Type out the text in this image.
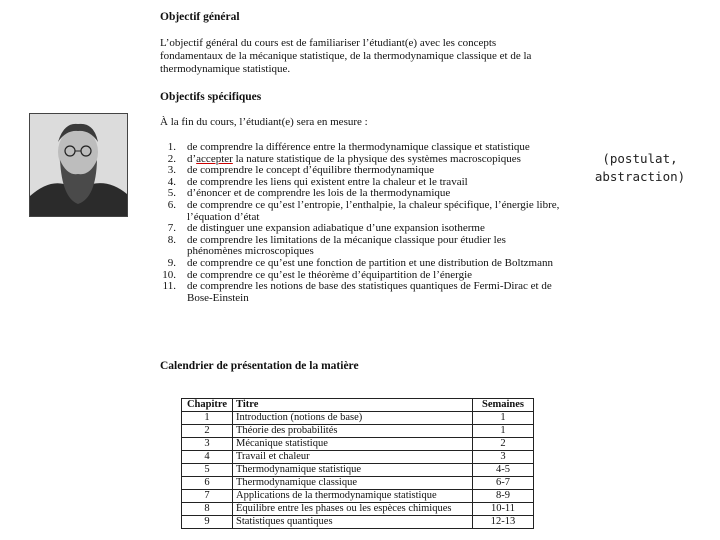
Objectif général
L’objectif général du cours est de familiariser l’étudiant(e) avec les concepts fondamentaux de la mécanique statistique, de la thermodynamique classique et de la thermodynamique statistique.
Objectifs spécifiques
À la fin du cours, l’étudiant(e) sera en mesure :
1. de comprendre la différence entre la thermodynamique classique et statistique
2. d’accepter la nature statistique de la physique des systèmes macroscopiques
3. de comprendre le concept d’équilibre thermodynamique
4. de comprendre les liens qui existent entre la chaleur et le travail
5. d’énoncer et de comprendre les lois de la thermodynamique
6. de comprendre ce qu’est l’entropie, l’enthalpie, la chaleur spécifique, l’énergie libre, l’équation d’état
7. de distinguer une expansion adiabatique d’une expansion isotherme
8. de comprendre les limitations de la mécanique classique pour étudier les phénomènes microscopiques
9. de comprendre ce qu’est une fonction de partition et une distribution de Boltzmann
10. de comprendre ce qu’est le théorème d’équipartition de l’énergie
11. de comprendre les notions de base des statistiques quantiques de Fermi-Dirac et de Bose-Einstein
(postulat,
abstraction)
Calendrier de présentation de la matière
Chapitre	Titre	Semaines
1	Introduction (notions de base)	1
2	Théorie des probabilités	1
3	Mécanique statistique	2
4	Travail et chaleur	3
5	Thermodynamique statistique	4-5
6	Thermodynamique classique	6-7
7	Applications de la thermodynamique statistique	8-9
8	Équilibre entre les phases ou les espèces chimiques	10-11
9	Statistiques quantiques	12-13
